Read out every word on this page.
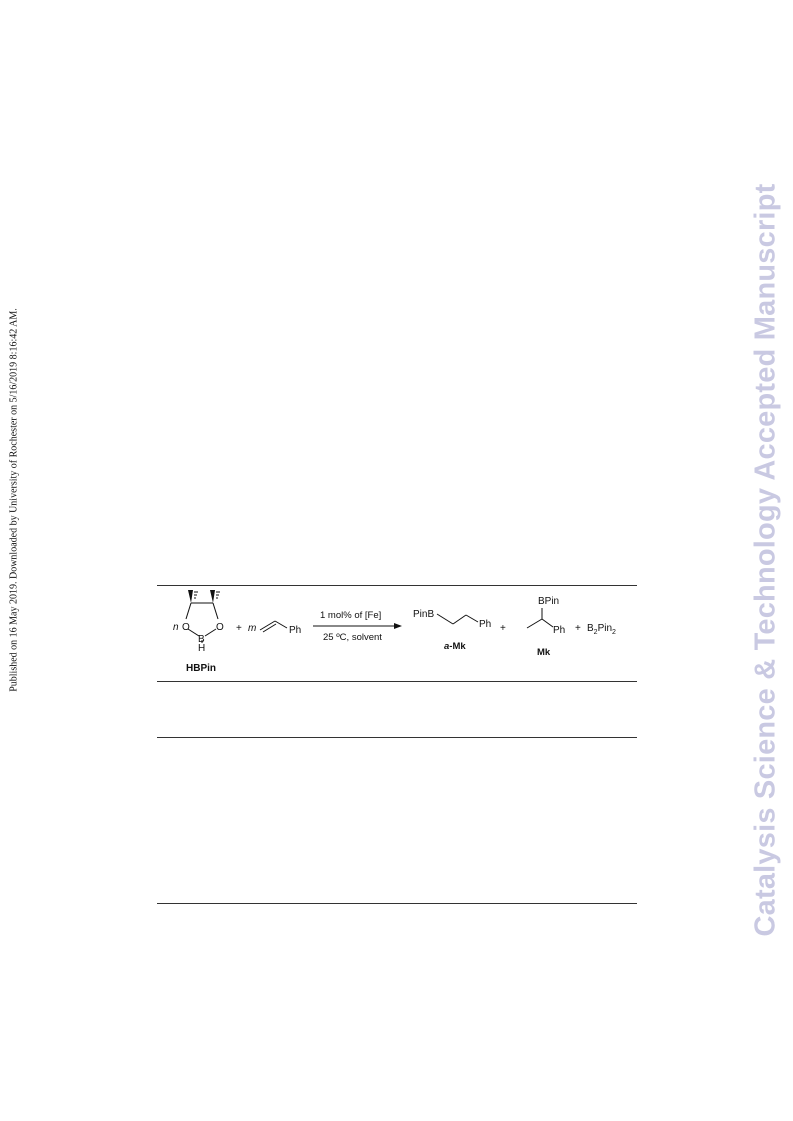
Published on 16 May 2019. Downloaded by University of Rochester on 5/16/2019 8:16:42 AM.	Catalysis Science & Technology Accepted Manuscript
n O	O
B
H
HBPin
+ m	Ph
1 mol% of [Fe]
25 ºC, solvent
PinB
Ph
a-Mk
+
BPin
Ph
Mk
+ $B_2Pin_2$
